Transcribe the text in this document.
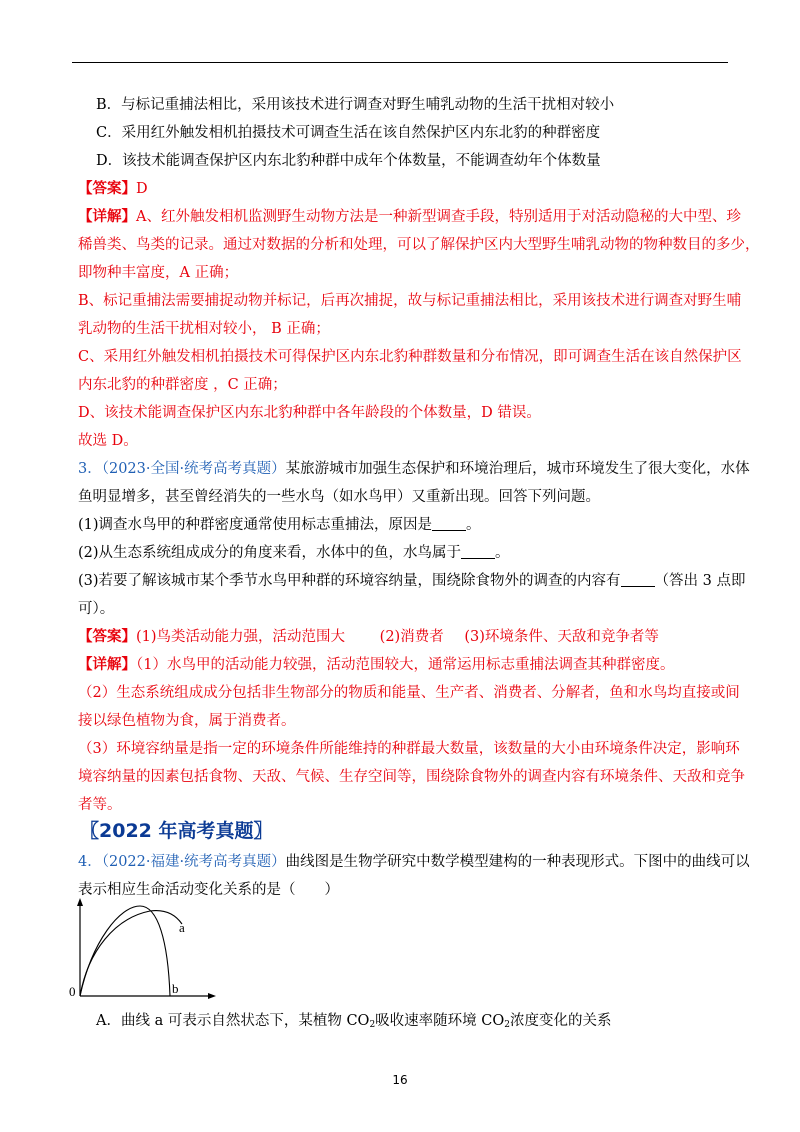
B．与标记重捕法相比，采用该技术进行调查对野生哺乳动物的生活干扰相对较小
C．采用红外触发相机拍摄技术可调查生活在该自然保护区内东北豹的种群密度
D．该技术能调查保护区内东北豹种群中成年个体数量，不能调查幼年个体数量
【答案】D
【详解】A、红外触发相机监测野生动物方法是一种新型调查手段，特别适用于对活动隐秘的大中型、珍
稀兽类、鸟类的记录。通过对数据的分析和处理，可以了解保护区内大型野生哺乳动物的物种数目的多少，
即物种丰富度，A 正确；
B、标记重捕法需要捕捉动物并标记，后再次捕捉，故与标记重捕法相比，采用该技术进行调查对野生哺
乳动物的生活干扰相对较小， B 正确；
C、采用红外触发相机拍摄技术可得保护区内东北豹种群数量和分布情况，即可调查生活在该自然保护区
内东北豹的种群密度 ，C 正确；
D、该技术能调查保护区内东北豹种群中各年龄段的个体数量，D 错误。
故选 D。
3．（2023·全国·统考高考真题）某旅游城市加强生态保护和环境治理后，城市环境发生了很大变化，水体
鱼明显增多，甚至曾经消失的一些水鸟（如水鸟甲）又重新出现。回答下列问题。
(1)调查水鸟甲的种群密度通常使用标志重捕法，原因是 。
(2)从生态系统组成成分的角度来看，水体中的鱼，水鸟属于 。
(3)若要了解该城市某个季节水鸟甲种群的环境容纳量，围绕除食物外的调查的内容有 （答出 3 点即
可）。
【答案】(1)鸟类活动能力强，活动范围大 (2)消费者 (3)环境条件、天敌和竞争者等
【详解】（1）水鸟甲的活动能力较强，活动范围较大，通常运用标志重捕法调查其种群密度。
（2）生态系统组成成分包括非生物部分的物质和能量、生产者、消费者、分解者，鱼和水鸟均直接或间
接以绿色植物为食，属于消费者。
（3）环境容纳量是指一定的环境条件所能维持的种群最大数量，该数量的大小由环境条件决定，影响环
境容纳量的因素包括食物、天敌、气候、生存空间等，围绕除食物外的调查内容有环境条件、天敌和竞争
者等。
〖2022 年高考真题〗
4．（2022·福建·统考高考真题）曲线图是生物学研究中数学模型建构的一种表现形式。下图中的曲线可以
表示相应生命活动变化关系的是（　　）
0
a
b
A．曲线 a 可表示自然状态下，某植物 $CO_2$吸收速率随环境 $CO_2$浓度变化的关系
16
